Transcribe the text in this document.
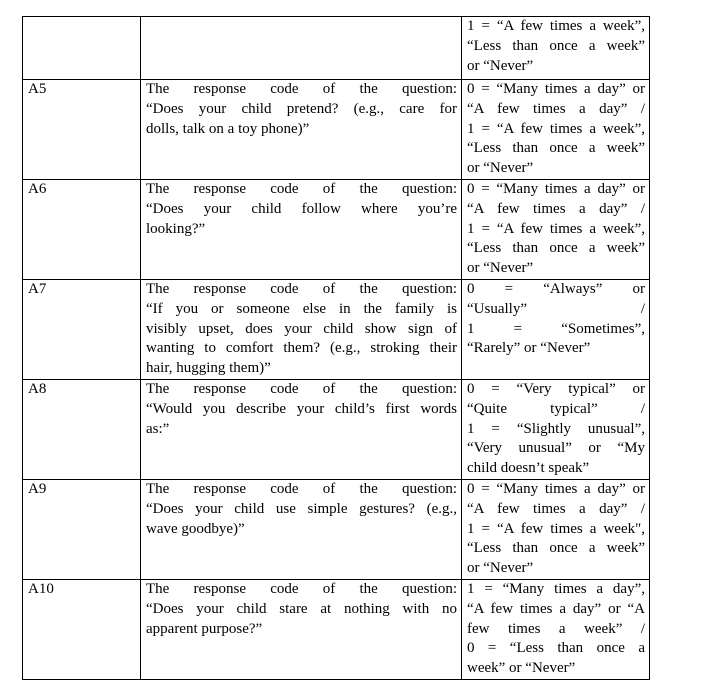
		1 = “A few times a week”,
“Less than once a week”
or “Never”

A5	The response code of the question:
“Does your child pretend? (e.g., care for
dolls, talk on a toy phone)”	0 = “Many times a day” or
“A few times a day” /
1 = “A few times a week”,
“Less than once a week”
or “Never”

A6	The response code of the question:
“Does your child follow where you’re
looking?”	0 = “Many times a day” or
“A few times a day” /
1 = “A few times a week”,
“Less than once a week”
or “Never”

A7	The response code of the question:
“If you or someone else in the family is
visibly upset, does your child show sign of
wanting to comfort them? (e.g., stroking their
hair, hugging them)”	0 = “Always” or
“Usually” /
1 = “Sometimes”,
“Rarely” or “Never”

A8	The response code of the question:
“Would you describe your child’s first words
as:”	0 = “Very typical” or
“Quite typical” /
1 = “Slightly unusual”,
“Very unusual” or “My
child doesn’t speak”

A9	The response code of the question:
“Does your child use simple gestures? (e.g.,
wave goodbye)”	0 = “Many times a day” or
“A few times a day” /
1 = “A few times a week",
“Less than once a week”
or “Never”

A10	The response code of the question:
“Does your child stare at nothing with no
apparent purpose?”	1 = “Many times a day”,
“A few times a day” or “A
few times a week” /
0 = “Less than once a
week” or “Never”
